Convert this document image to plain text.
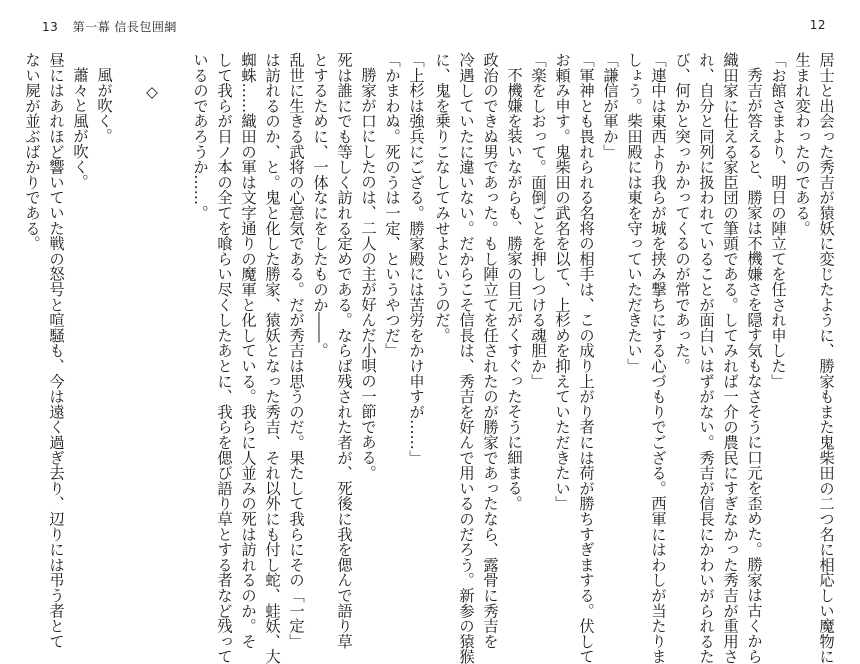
13 第一幕 信長包囲網	12

居士と出会った秀吉が猿妖に変じたように、勝家もまた鬼柴田の二つ名に相応しい魔物に

生まれ変わったのである。

「お館さまより、明日の陣立てを任され申した」

秀吉が答えると、勝家は不機嫌さを隠す気もなさそうに口元を歪めた。勝家は古くから

織田家に仕える家臣団の筆頭である。してみれば一介の農民にすぎなかった秀吉が重用さ

れ、自分と同列に扱われていることが面白いはずがない。秀吉が信長にかわいがられるた

び、何かと突っかかってくるのが常であった。

「連中は東西より我らが城を挟み撃ちにする心づもりでござる。西軍にはわしが当たりま

しょう。柴田殿には東を守っていただきたい」

「謙信が軍か」

「軍神とも畏れられる名将の相手は、この成り上がり者には荷が勝ちすぎまする。伏して

お頼み申す。鬼柴田の武名を以て、上杉めを抑えていただきたい」

「楽をしおって。面倒ごとを押しつける魂胆か」

不機嫌を装いながらも、勝家の目元がくすぐったそうに細まる。

政治のできぬ男であった。もし陣立てを任されたのが勝家であったなら、露骨に秀吉を

冷遇していたに違いない。だからこそ信長は、秀吉を好んで用いるのだろう。新参の猿猴

に、鬼を乗りこなしてみせよというのだ。

「上杉は強兵にござる。勝家殿には苦労をかけ申すが……」

「かまわぬ。死のうは一定、というやつだ」

勝家が口にしたのは、二人の主が好んだ小唄の一節である。

死は誰にでも等しく訪れる定めである。ならば残された者が、死後に我を偲んで語り草

とするために、一体なにをしたものか――。

乱世に生きる武将の心意気である。だが秀吉は思うのだ。果たして我らにその「一定」

は訪れるのか、と。鬼と化した勝家、猿妖となった秀吉、それ以外にも付し蛇、蛙妖、大

蜘蛛……織田の軍は文字通りの魔軍と化している。我らに人並みの死は訪れるのか。そ

して我らが日ノ本の全てを喰らい尽くしたあとに、我らを偲び語り草とする者など残って

いるのであろうか……。

◇

風が吹く。

蕭々と風が吹く。

昼にはあれほど響いていた戦の怒号と喧騒も、今は遠く過ぎ去り、辺りには弔う者とて

ない屍が並ぶばかりである。
